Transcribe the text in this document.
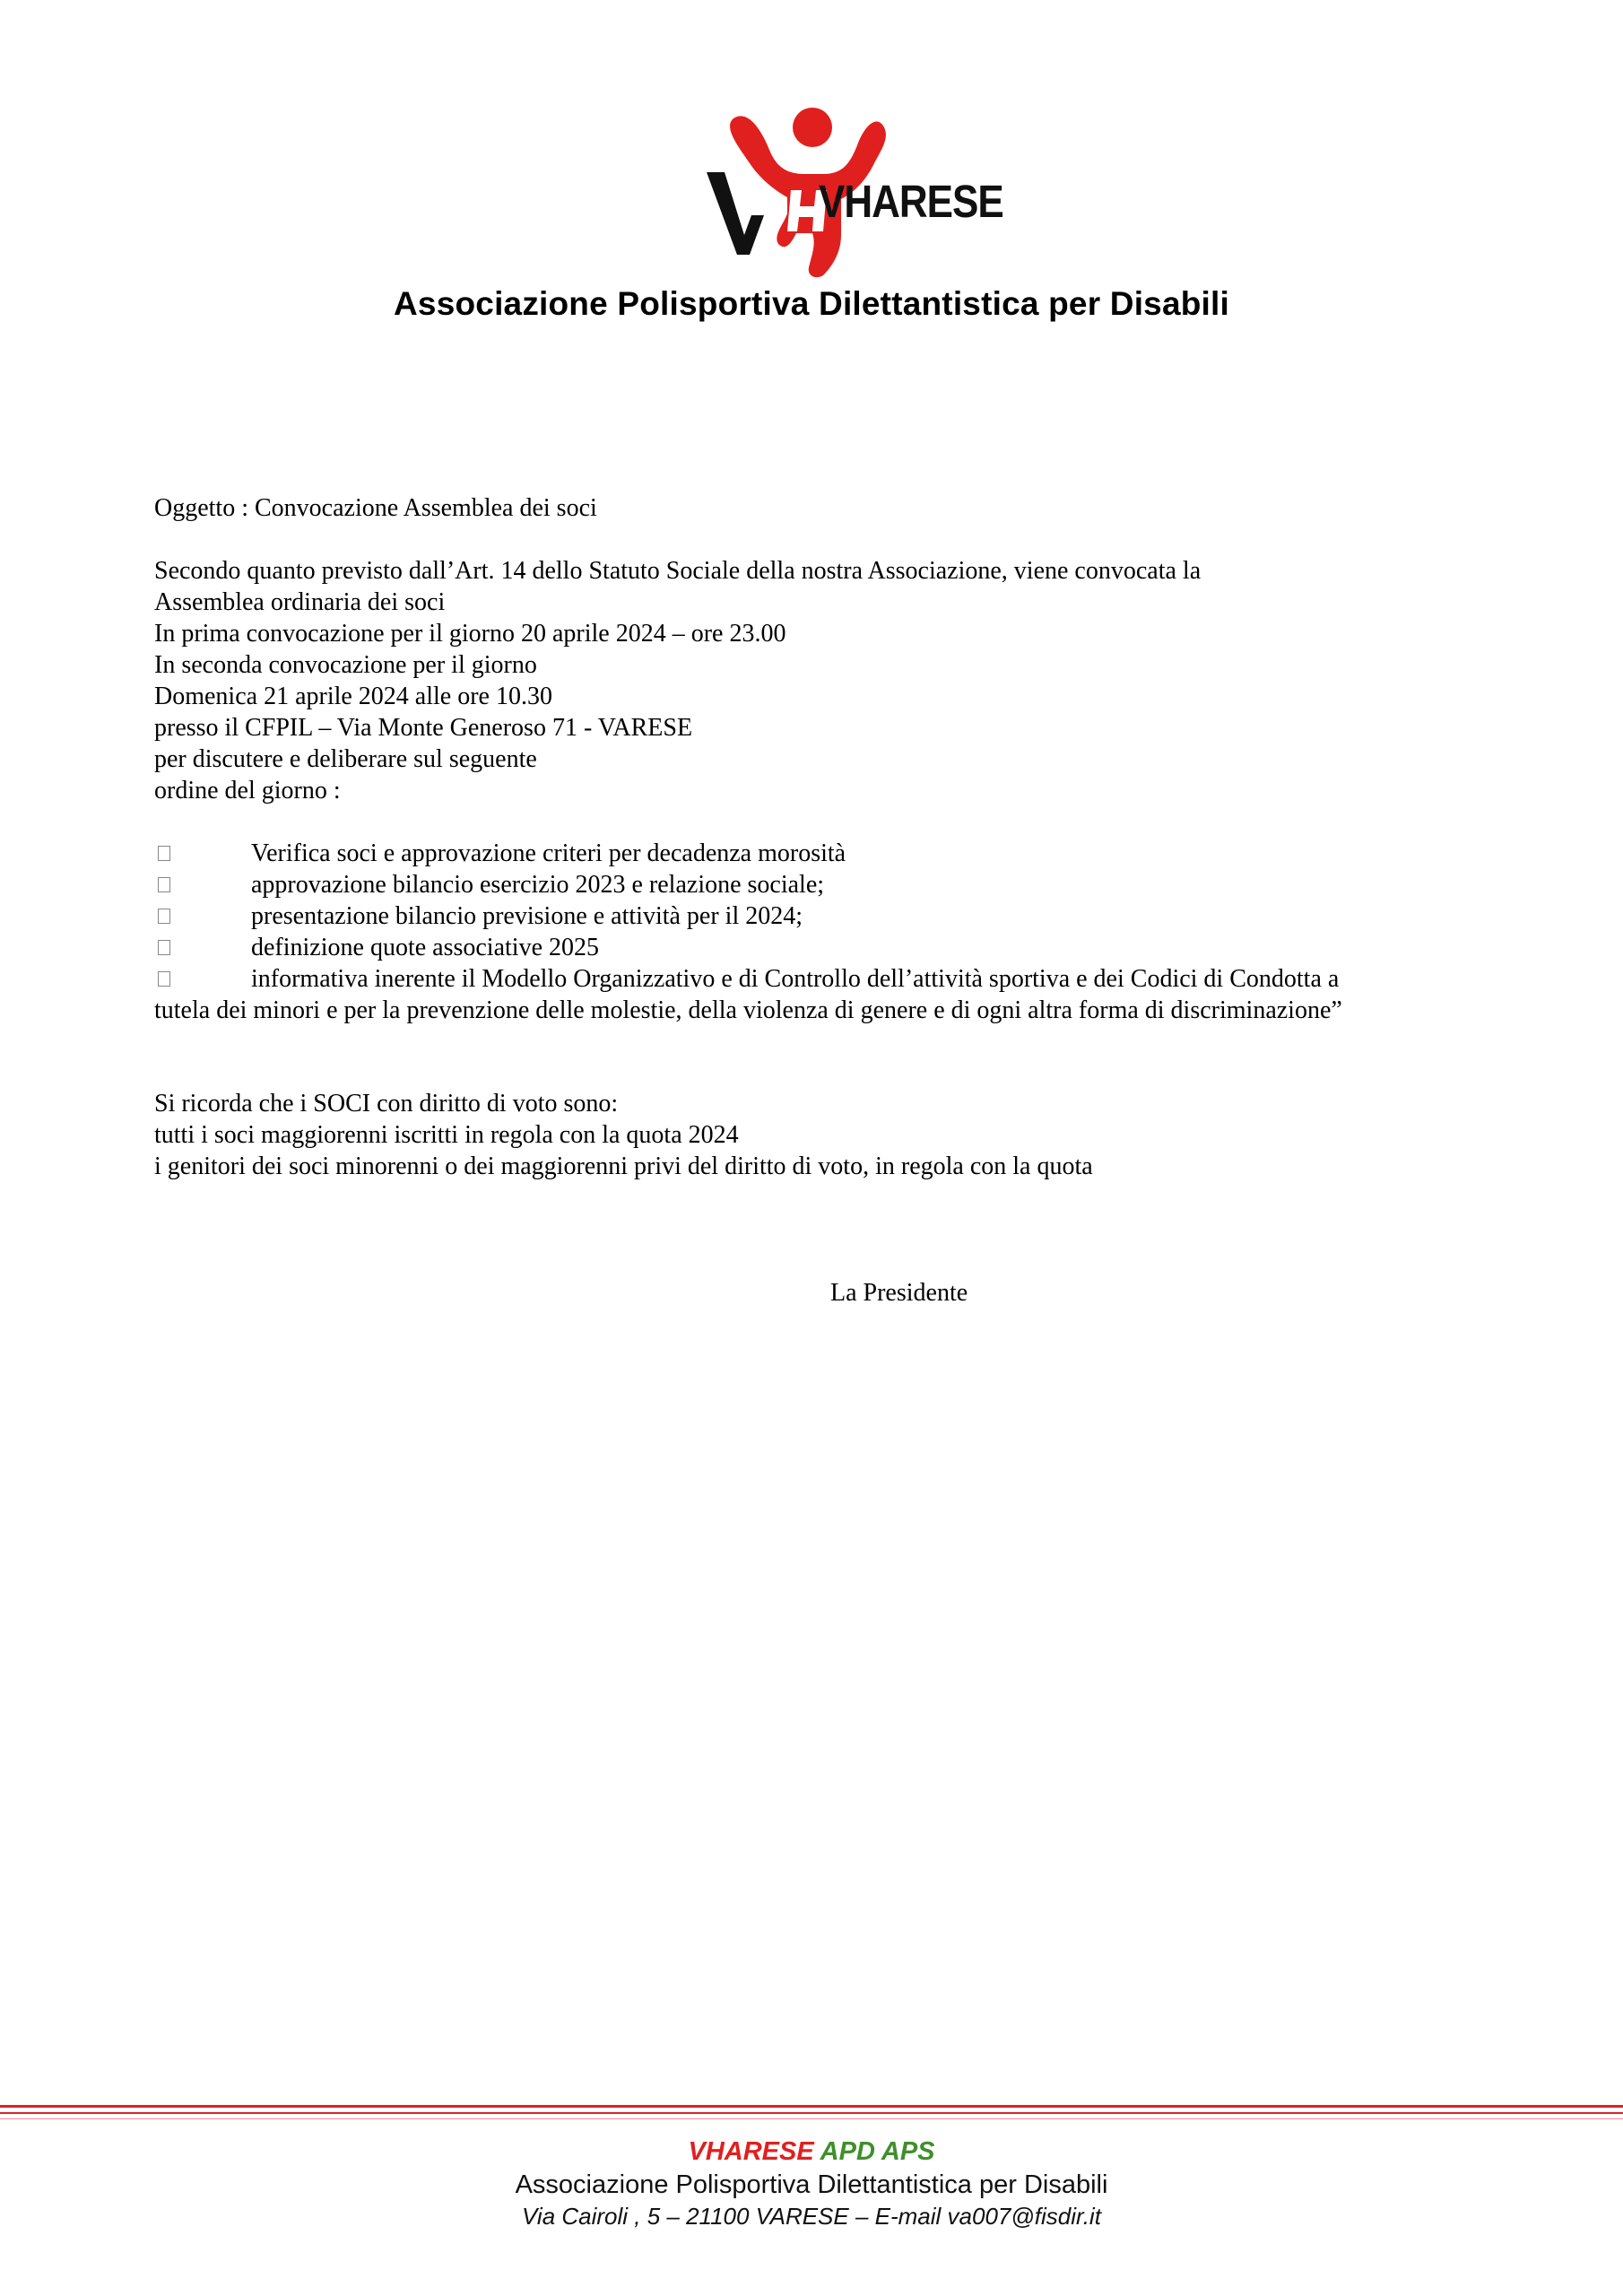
VHARESE
Associazione Polisportiva Dilettantistica per Disabili
Oggetto : Convocazione Assemblea dei soci
Secondo quanto previsto dall’Art. 14 dello Statuto Sociale della nostra Associazione, viene convocata la
Assemblea ordinaria dei soci
In prima convocazione per il giorno 20 aprile 2024 – ore 23.00
In seconda convocazione per il giorno
Domenica 21 aprile 2024 alle ore 10.30
presso il CFPIL – Via Monte Generoso 71 - VARESE
per discutere e deliberare sul seguente
ordine del giorno :
Verifica soci e approvazione criteri per decadenza morosità
approvazione bilancio esercizio 2023 e relazione sociale;
presentazione bilancio previsione e attività per il 2024;
definizione quote associative 2025
informativa inerente il Modello Organizzativo e di Controllo dell’attività sportiva e dei Codici di Condotta a
tutela dei minori e per la prevenzione delle molestie, della violenza di genere e di ogni altra forma di discriminazione”
Si ricorda che i SOCI con diritto di voto sono:
tutti i soci maggiorenni iscritti in regola con la quota 2024
i genitori dei soci minorenni o dei maggiorenni privi del diritto di voto, in regola con la quota
La Presidente
VHARESE APD APS
Associazione Polisportiva Dilettantistica per Disabili
Via Cairoli , 5 – 21100 VARESE – E-mail va007@fisdir.it
